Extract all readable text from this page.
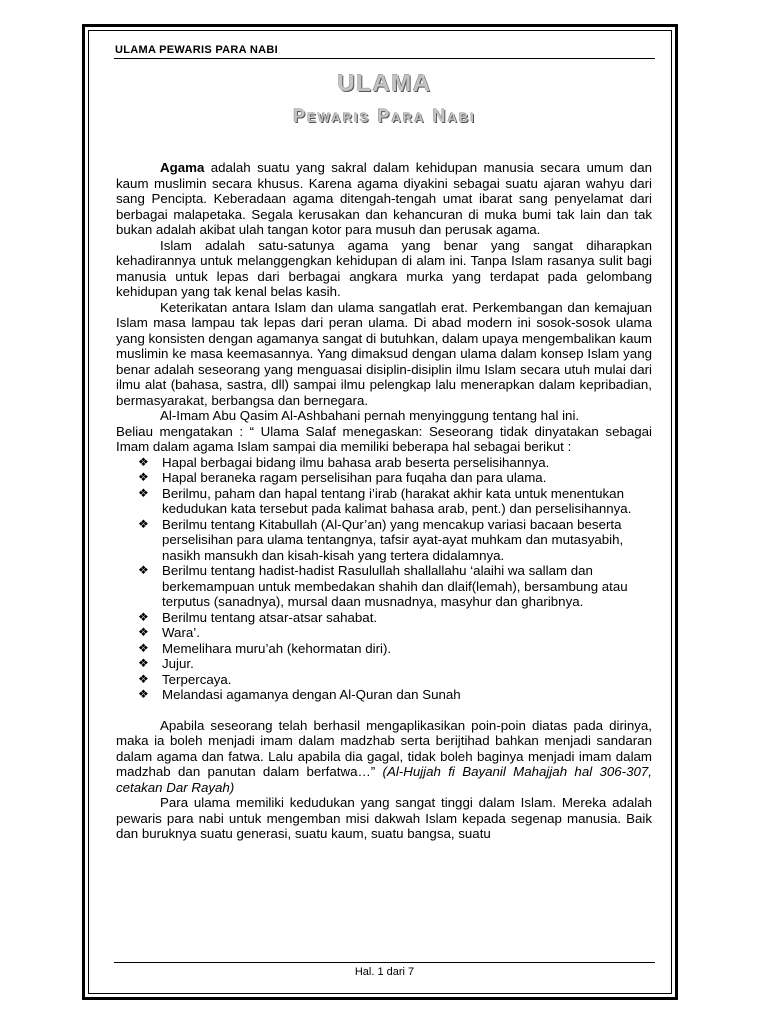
ULAMA PEWARIS PARA NABI
ULAMA
Pewaris Para Nabi

Agama adalah suatu yang sakral dalam kehidupan manusia secara umum dan kaum muslimin secara khusus. Karena agama diyakini sebagai suatu ajaran wahyu dari sang Pencipta. Keberadaan agama ditengah-tengah umat ibarat sang penyelamat dari berbagai malapetaka. Segala kerusakan dan kehancuran di muka bumi tak lain dan tak bukan adalah akibat ulah tangan kotor para musuh dan perusak agama.

Islam adalah satu-satunya agama yang benar yang sangat diharapkan kehadirannya untuk melanggengkan kehidupan di alam ini. Tanpa Islam rasanya sulit bagi manusia untuk lepas dari berbagai angkara murka yang terdapat pada gelombang kehidupan yang tak kenal belas kasih.

Keterikatan antara Islam dan ulama sangatlah erat. Perkembangan dan kemajuan Islam masa lampau tak lepas dari peran ulama. Di abad modern ini sosok-sosok ulama yang konsisten dengan agamanya sangat di butuhkan, dalam upaya mengembalikan kaum muslimin ke masa keemasannya. Yang dimaksud dengan ulama dalam konsep Islam yang benar adalah seseorang yang menguasai disiplin-disiplin ilmu Islam secara utuh mulai dari ilmu alat (bahasa, sastra, dll) sampai ilmu pelengkap lalu menerapkan dalam kepribadian, bermasyarakat, berbangsa dan bernegara.

Al-Imam Abu Qasim Al-Ashbahani pernah menyinggung tentang hal ini.

Beliau mengatakan : “ Ulama Salaf menegaskan: Seseorang tidak dinyatakan sebagai Imam dalam agama Islam sampai dia memiliki beberapa hal sebagai berikut :

❖ Hapal berbagai bidang ilmu bahasa arab beserta perselisihannya.
❖ Hapal beraneka ragam perselisihan para fuqaha dan para ulama.
❖ Berilmu, paham dan hapal tentang i’irab (harakat akhir kata untuk menentukan kedudukan kata tersebut pada kalimat bahasa arab, pent.) dan perselisihannya.
❖ Berilmu tentang Kitabullah (Al-Qur’an) yang mencakup variasi bacaan beserta perselisihan para ulama tentangnya, tafsir ayat-ayat muhkam dan mutasyabih, nasikh mansukh dan kisah-kisah yang tertera didalamnya.
❖ Berilmu tentang hadist-hadist Rasulullah shallallahu ‘alaihi wa sallam dan berkemampuan untuk membedakan shahih dan dlaif(lemah), bersambung atau terputus (sanadnya), mursal daan musnadnya, masyhur dan gharibnya.
❖ Berilmu tentang atsar-atsar sahabat.
❖ Wara’.
❖ Memelihara muru’ah (kehormatan diri).
❖ Jujur.
❖ Terpercaya.
❖ Melandasi agamanya dengan Al-Quran dan Sunah

Apabila seseorang telah berhasil mengaplikasikan poin-poin diatas pada dirinya, maka ia boleh menjadi imam dalam madzhab serta berijtihad bahkan menjadi sandaran dalam agama dan fatwa. Lalu apabila dia gagal, tidak boleh baginya menjadi imam dalam madzhab dan panutan dalam berfatwa…” (Al-Hujjah fi Bayanil Mahajjah hal 306-307, cetakan Dar Rayah)

Para ulama memiliki kedudukan yang sangat tinggi dalam Islam. Mereka adalah pewaris para nabi untuk mengemban misi dakwah Islam kepada segenap manusia. Baik dan buruknya suatu generasi, suatu kaum, suatu bangsa, suatu

Hal. 1 dari 7
